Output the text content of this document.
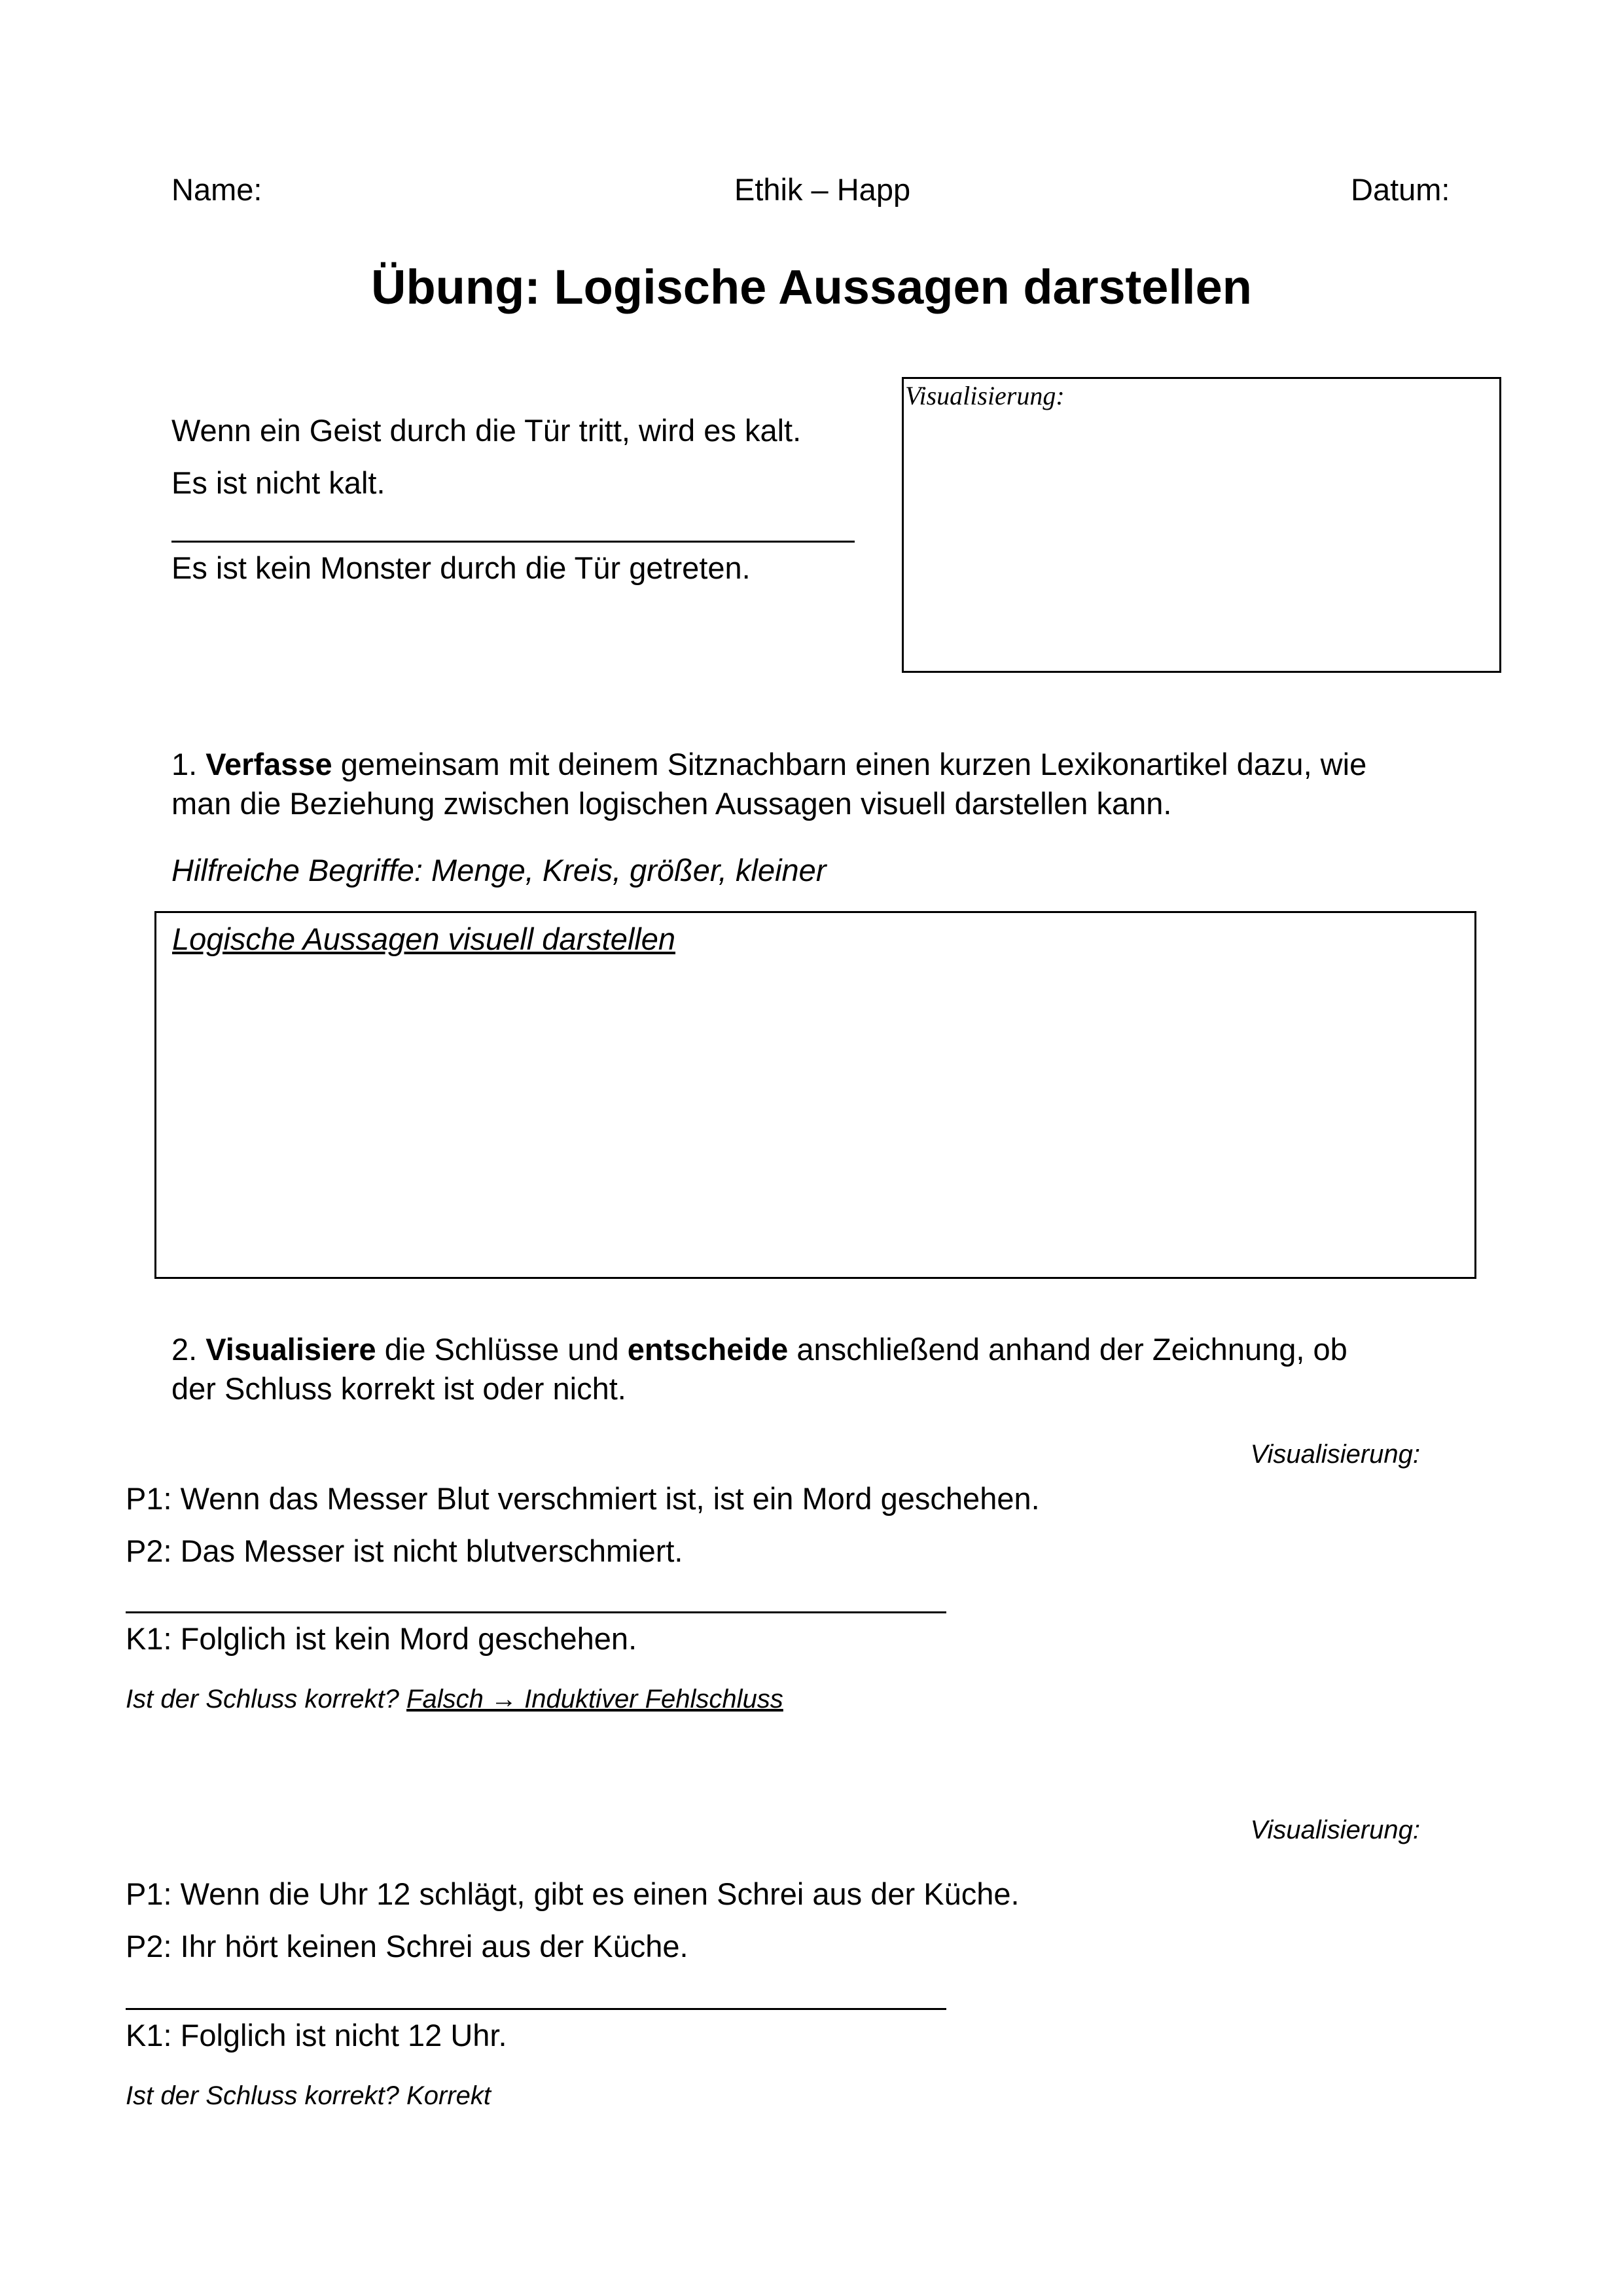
Name:	Ethik – Happ	Datum:
Übung: Logische Aussagen darstellen
Wenn ein Geist durch die Tür tritt, wird es kalt.
Es ist nicht kalt.
Es ist kein Monster durch die Tür getreten.
Visualisierung:
1. Verfasse gemeinsam mit deinem Sitznachbarn einen kurzen Lexikonartikel dazu, wie
man die Beziehung zwischen logischen Aussagen visuell darstellen kann.
Hilfreiche Begriffe: Menge, Kreis, größer, kleiner
Logische Aussagen visuell darstellen
2. Visualisiere die Schlüsse und entscheide anschließend anhand der Zeichnung, ob
der Schluss korrekt ist oder nicht.
Visualisierung:
P1: Wenn das Messer Blut verschmiert ist, ist ein Mord geschehen.
P2: Das Messer ist nicht blutverschmiert.
K1: Folglich ist kein Mord geschehen.
Ist der Schluss korrekt? Falsch → Induktiver Fehlschluss
Visualisierung:
P1: Wenn die Uhr 12 schlägt, gibt es einen Schrei aus der Küche.
P2: Ihr hört keinen Schrei aus der Küche.
K1: Folglich ist nicht 12 Uhr.
Ist der Schluss korrekt? Korrekt
